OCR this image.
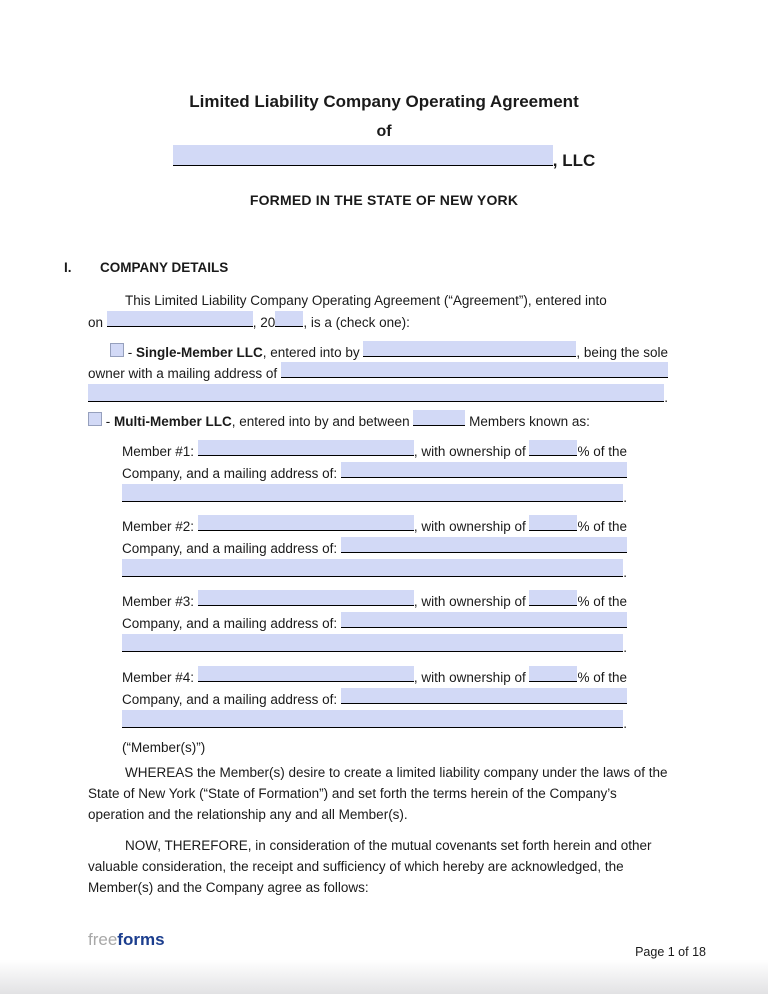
Limited Liability Company Operating Agreement
of
, LLC
FORMED IN THE STATE OF NEW YORK
I.	COMPANY DETAILS
This Limited Liability Company Operating Agreement (“Agreement”), entered into
on	, 20 , is a (check one):
- Single-Member LLC , entered into by	, being the sole
owner with a mailing address of
.
- Multi-Member LLC , entered into by and between	Members known as:
Member #1:	, with ownership of	% of the
Company, and a mailing address of:
.
Member #2:	, with ownership of	% of the
Company, and a mailing address of:
.
Member #3:	, with ownership of	% of the
Company, and a mailing address of:
.
Member #4:	, with ownership of	% of the
Company, and a mailing address of:
.
(“Member(s)”)
WHEREAS the Member(s) desire to create a limited liability company under the laws of the State of New York (“State of Formation”) and set forth the terms herein of the Company’s operation and the relationship any and all Member(s).
NOW, THEREFORE, in consideration of the mutual covenants set forth herein and other valuable consideration, the receipt and sufficiency of which hereby are acknowledged, the Member(s) and the Company agree as follows:
freeforms
Page 1 of 18
